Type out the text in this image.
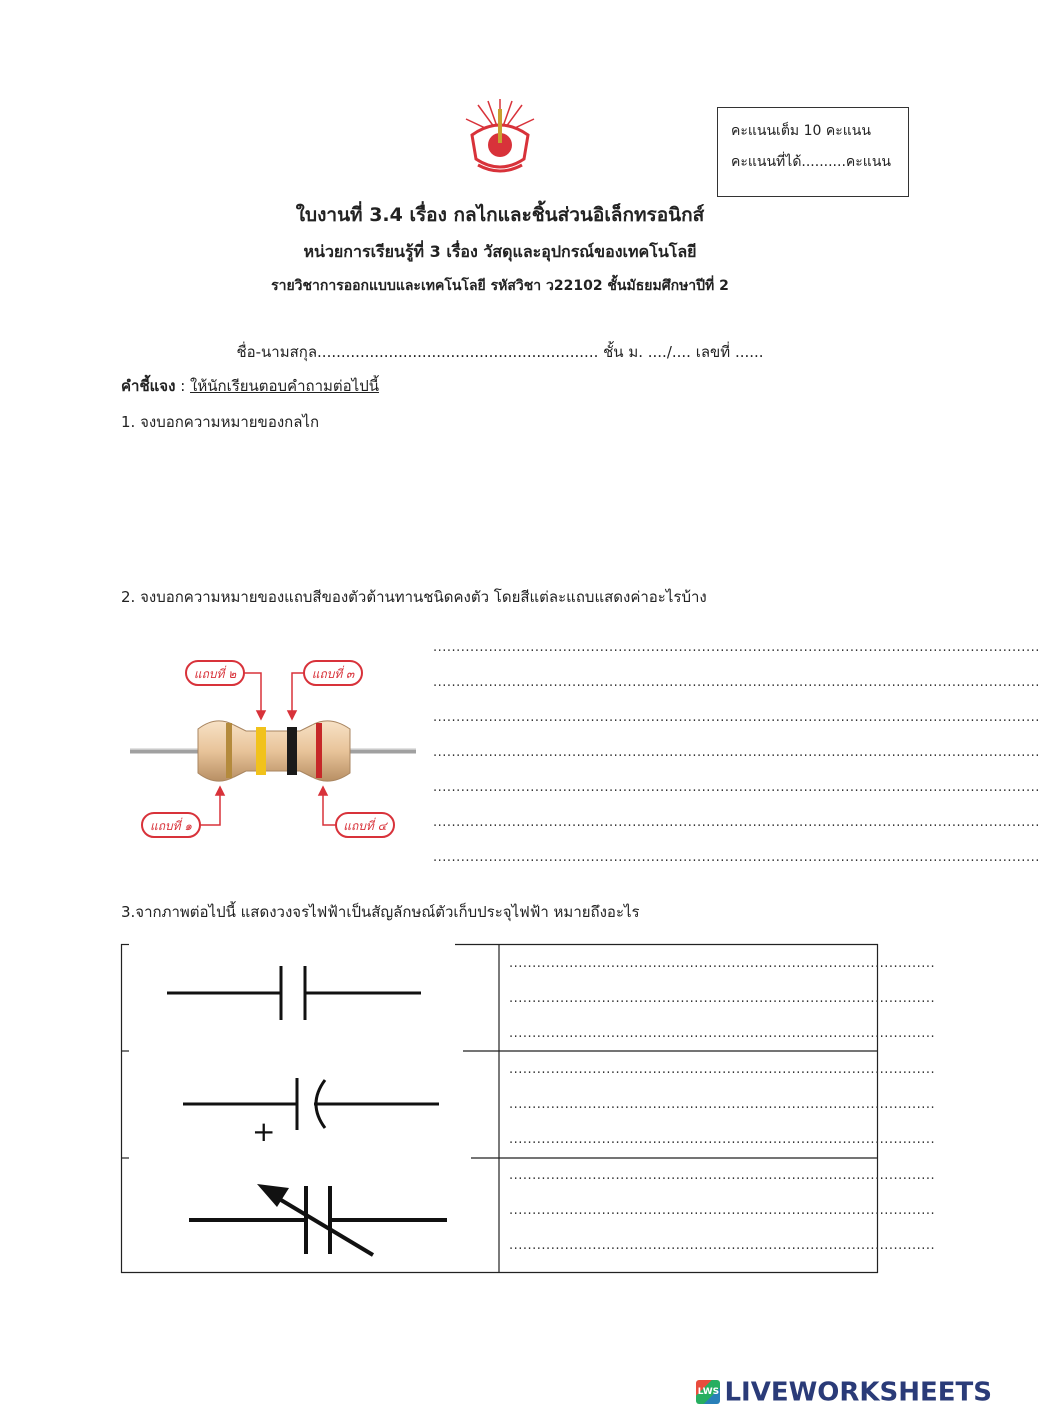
คะแนนเต็ม 10 คะแนน
คะแนนที่ได้..........คะแนน
ใบงานที่ 3.4 เรื่อง กลไกและชิ้นส่วนอิเล็กทรอนิกส์
หน่วยการเรียนรู้ที่ 3 เรื่อง วัสดุและอุปกรณ์ของเทคโนโลยี
รายวิชาการออกแบบและเทคโนโลยี รหัสวิชา ว22102 ชั้นมัธยมศึกษาปีที่ 2
ชื่อ-นามสกุล........................................................... ชั้น ม. ..../.... เลขที่ ......
คำชี้แจง : ให้นักเรียนตอบคำถามต่อไปนี้
1. จงบอกความหมายของกลไก
2. จงบอกความหมายของแถบสีของตัวต้านทานชนิดคงตัว โดยสีแต่ละแถบแสดงค่าอะไรบ้าง
แถบที่ ๒	แถบที่ ๓
แถบที่ ๑	แถบที่ ๔
...................................................................................................................................
...................................................................................................................................
...................................................................................................................................
...................................................................................................................................
...................................................................................................................................
...................................................................................................................................
...................................................................................................................................
3.จากภาพต่อไปนี้ แสดงวงจรไฟฟ้าเป็นสัญลักษณ์ตัวเก็บประจุไฟฟ้า หมายถึงอะไร
+
............................................................................................
............................................................................................
............................................................................................
............................................................................................
............................................................................................
............................................................................................
............................................................................................
............................................................................................
............................................................................................
LWS LIVEWORKSHEETS
